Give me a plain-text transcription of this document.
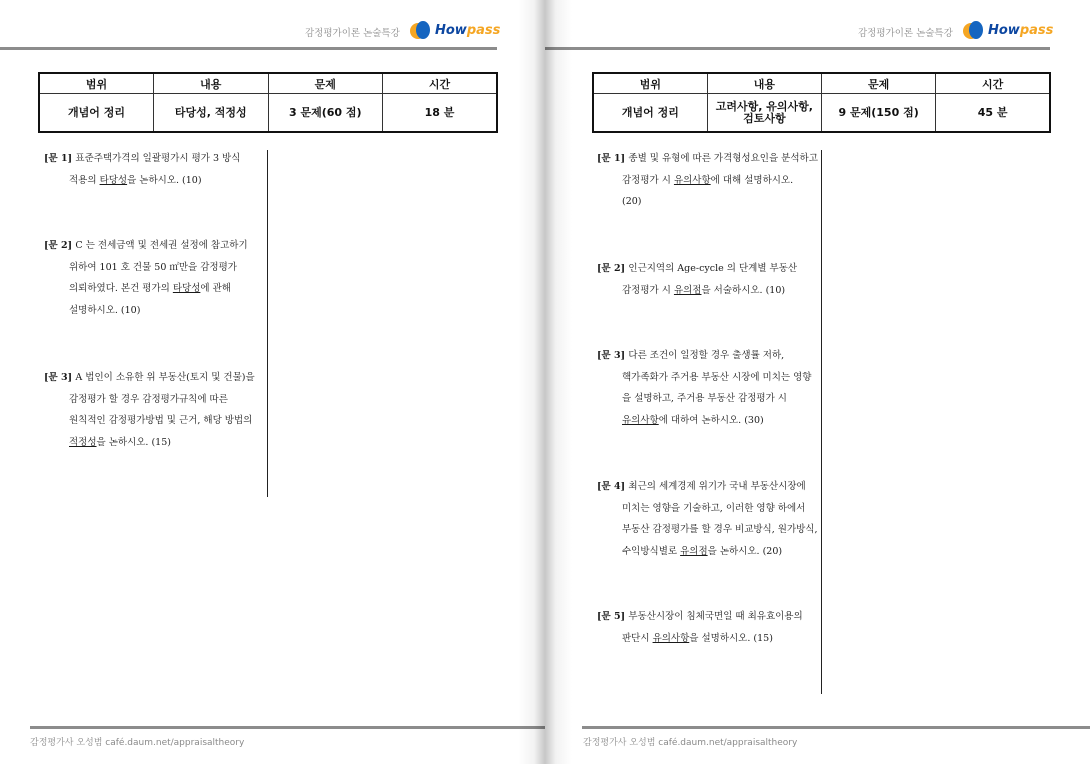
감정평가이론 논술특강	Howpass
범위	내용	문제	시간
개념어 정리	타당성, 적정성	3 문제(60 점)	18 분
[문 1] 표준주택가격의 일괄평가시 평가 3 방식
적용의 타당성을 논하시오. (10)
[문 2] C 는 전세금액 및 전세권 설정에 참고하기
위하여 101 호 건물 50 ㎡만을 감정평가
의뢰하였다. 본건 평가의 타당성에 관해
설명하시오. (10)
[문 3] A 법인이 소유한 위 부동산(토지 및 건물)을
감정평가 할 경우 감정평가규칙에 따른
원칙적인 감정평가방법 및 근거, 해당 방법의
적정성을 논하시오. (15)
감정평가사 오성범 café.daum.net/appraisaltheory
감정평가이론 논술특강	Howpass
범위	내용	문제	시간
개념어 정리	고려사항, 유의사항, 검토사항	9 문제(150 점)	45 분
[문 1] 종별 및 유형에 따른 가격형성요인을 분석하고
감정평가 시 유의사항에 대해 설명하시오.
(20)
[문 2] 인근지역의 Age-cycle 의 단계별 부동산
감정평가 시 유의점을 서술하시오. (10)
[문 3] 다른 조건이 일정할 경우 출생률 저하,
핵가족화가 주거용 부동산 시장에 미치는 영향
을 설명하고, 주거용 부동산 감정평가 시
유의사항에 대하여 논하시오. (30)
[문 4] 최근의 세계경제 위기가 국내 부동산시장에
미치는 영향을 기술하고, 이러한 영향 하에서
부동산 감정평가를 할 경우 비교방식, 원가방식,
수익방식별로 유의점을 논하시오. (20)
[문 5] 부동산시장이 침체국면일 때 최유효이용의
판단시 유의사항을 설명하시오. (15)
감정평가사 오성범 café.daum.net/appraisaltheory
